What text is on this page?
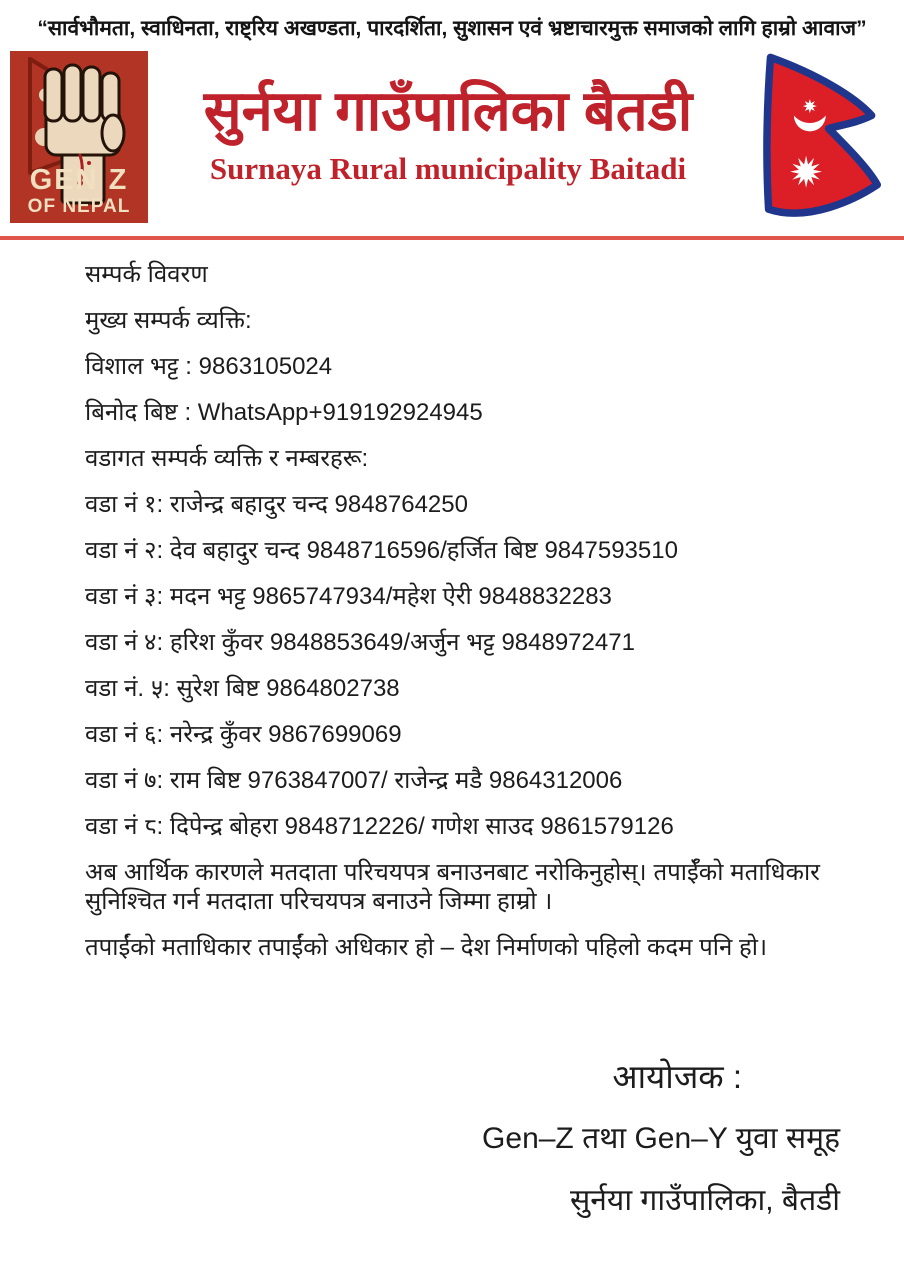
“सार्वभौमता, स्वाधिनता, राष्ट्रिय अखण्डता, पारदर्शिता, सुशासन एवं भ्रष्टाचारमुक्त समाजको लागि हाम्रो आवाज”
GEN Z
OF NEPAL
सुर्नया गाउँपालिका बैतडी
Surnaya Rural municipality Baitadi

सम्पर्क विवरण

मुख्य सम्पर्क व्यक्ति:

विशाल भट्ट : 9863105024

बिनोद बिष्ट : WhatsApp+919192924945

वडागत सम्पर्क व्यक्ति र नम्बरहरू:

वडा नं १: राजेन्द्र बहादुर चन्द 9848764250

वडा नं २: देव बहादुर चन्द 9848716596/हर्जित बिष्ट 9847593510

वडा नं ३: मदन भट्ट 9865747934/महेश ऐरी 9848832283

वडा नं ४: हरिश कुँवर 9848853649/अर्जुन भट्ट 9848972471

वडा नं. ५: सुरेश बिष्ट 9864802738

वडा नं ६: नरेन्द्र कुँवर 9867699069

वडा नं ७: राम बिष्ट 9763847007/ राजेन्द्र मडै 9864312006

वडा नं ८: दिपेन्द्र बोहरा 9848712226/ गणेश साउद 9861579126

अब आर्थिक कारणले मतदाता परिचयपत्र बनाउनबाट नरोकिनुहोस्। तपाईँको मताधिकार सुनिश्चित गर्न मतदाता परिचयपत्र बनाउने जिम्मा हाम्रो ।

तपाईंको मताधिकार तपाईंको अधिकार हो – देश निर्माणको पहिलो कदम पनि हो।

आयोजक :

Gen–Z तथा Gen–Y युवा समूह

सुर्नया गाउँपालिका, बैतडी
